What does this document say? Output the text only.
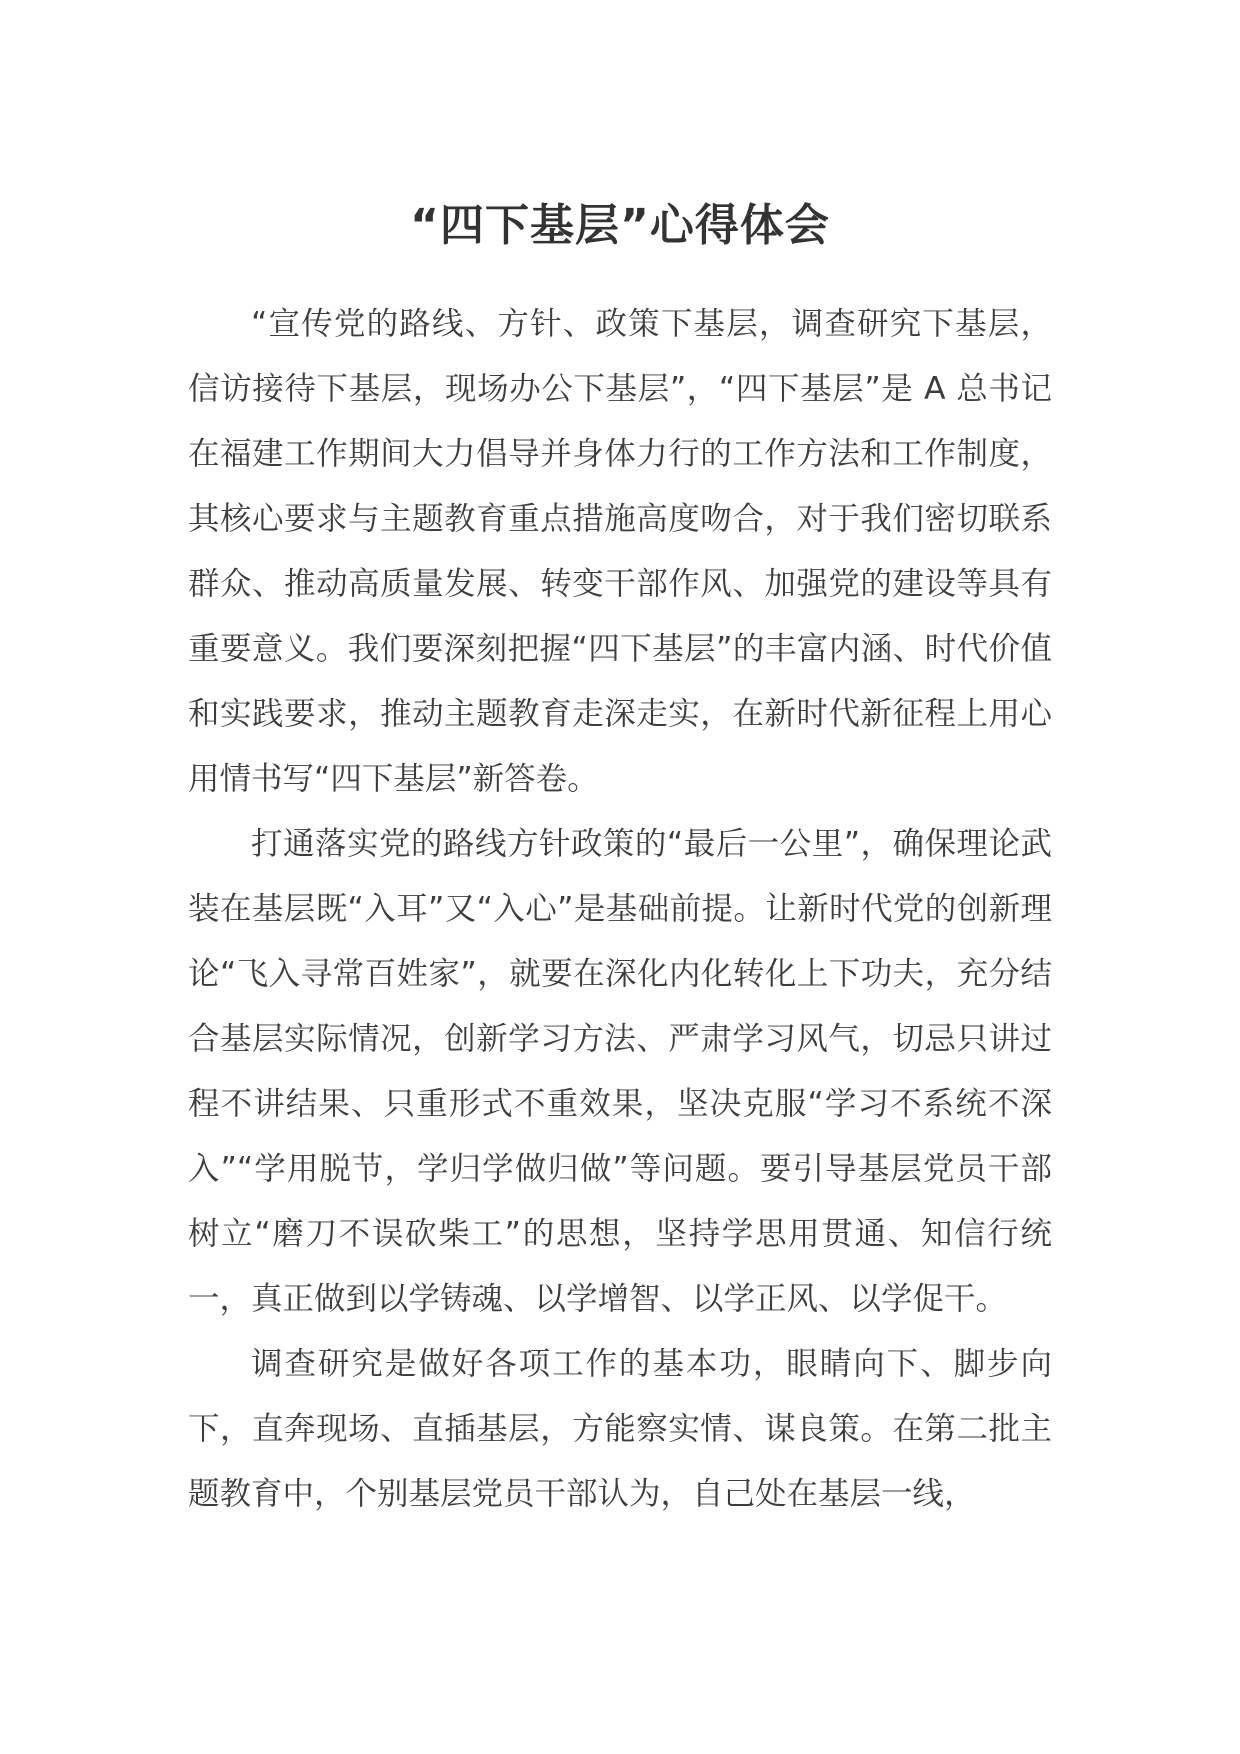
“四下基层”心得体会

“宣传党的路线、方针、政策下基层，调查研究下基层，信访接待下基层，现场办公下基层”，“四下基层”是 A 总书记在福建工作期间大力倡导并身体力行的工作方法和工作制度，其核心要求与主题教育重点措施高度吻合，对于我们密切联系群众、推动高质量发展、转变干部作风、加强党的建设等具有重要意义。我们要深刻把握“四下基层”的丰富内涵、时代价值和实践要求，推动主题教育走深走实，在新时代新征程上用心用情书写“四下基层”新答卷。

打通落实党的路线方针政策的“最后一公里”，确保理论武装在基层既“入耳”又“入心”是基础前提。让新时代党的创新理论“飞入寻常百姓家”，就要在深化内化转化上下功夫，充分结合基层实际情况，创新学习方法、严肃学习风气，切忌只讲过程不讲结果、只重形式不重效果，坚决克服“学习不系统不深入”“学用脱节，学归学做归做”等问题。要引导基层党员干部树立“磨刀不误砍柴工”的思想，坚持学思用贯通、知信行统一，真正做到以学铸魂、以学增智、以学正风、以学促干。

调查研究是做好各项工作的基本功，眼睛向下、脚步向下，直奔现场、直插基层，方能察实情、谋良策。在第二批主题教育中，个别基层党员干部认为，自己处在基层一线，
